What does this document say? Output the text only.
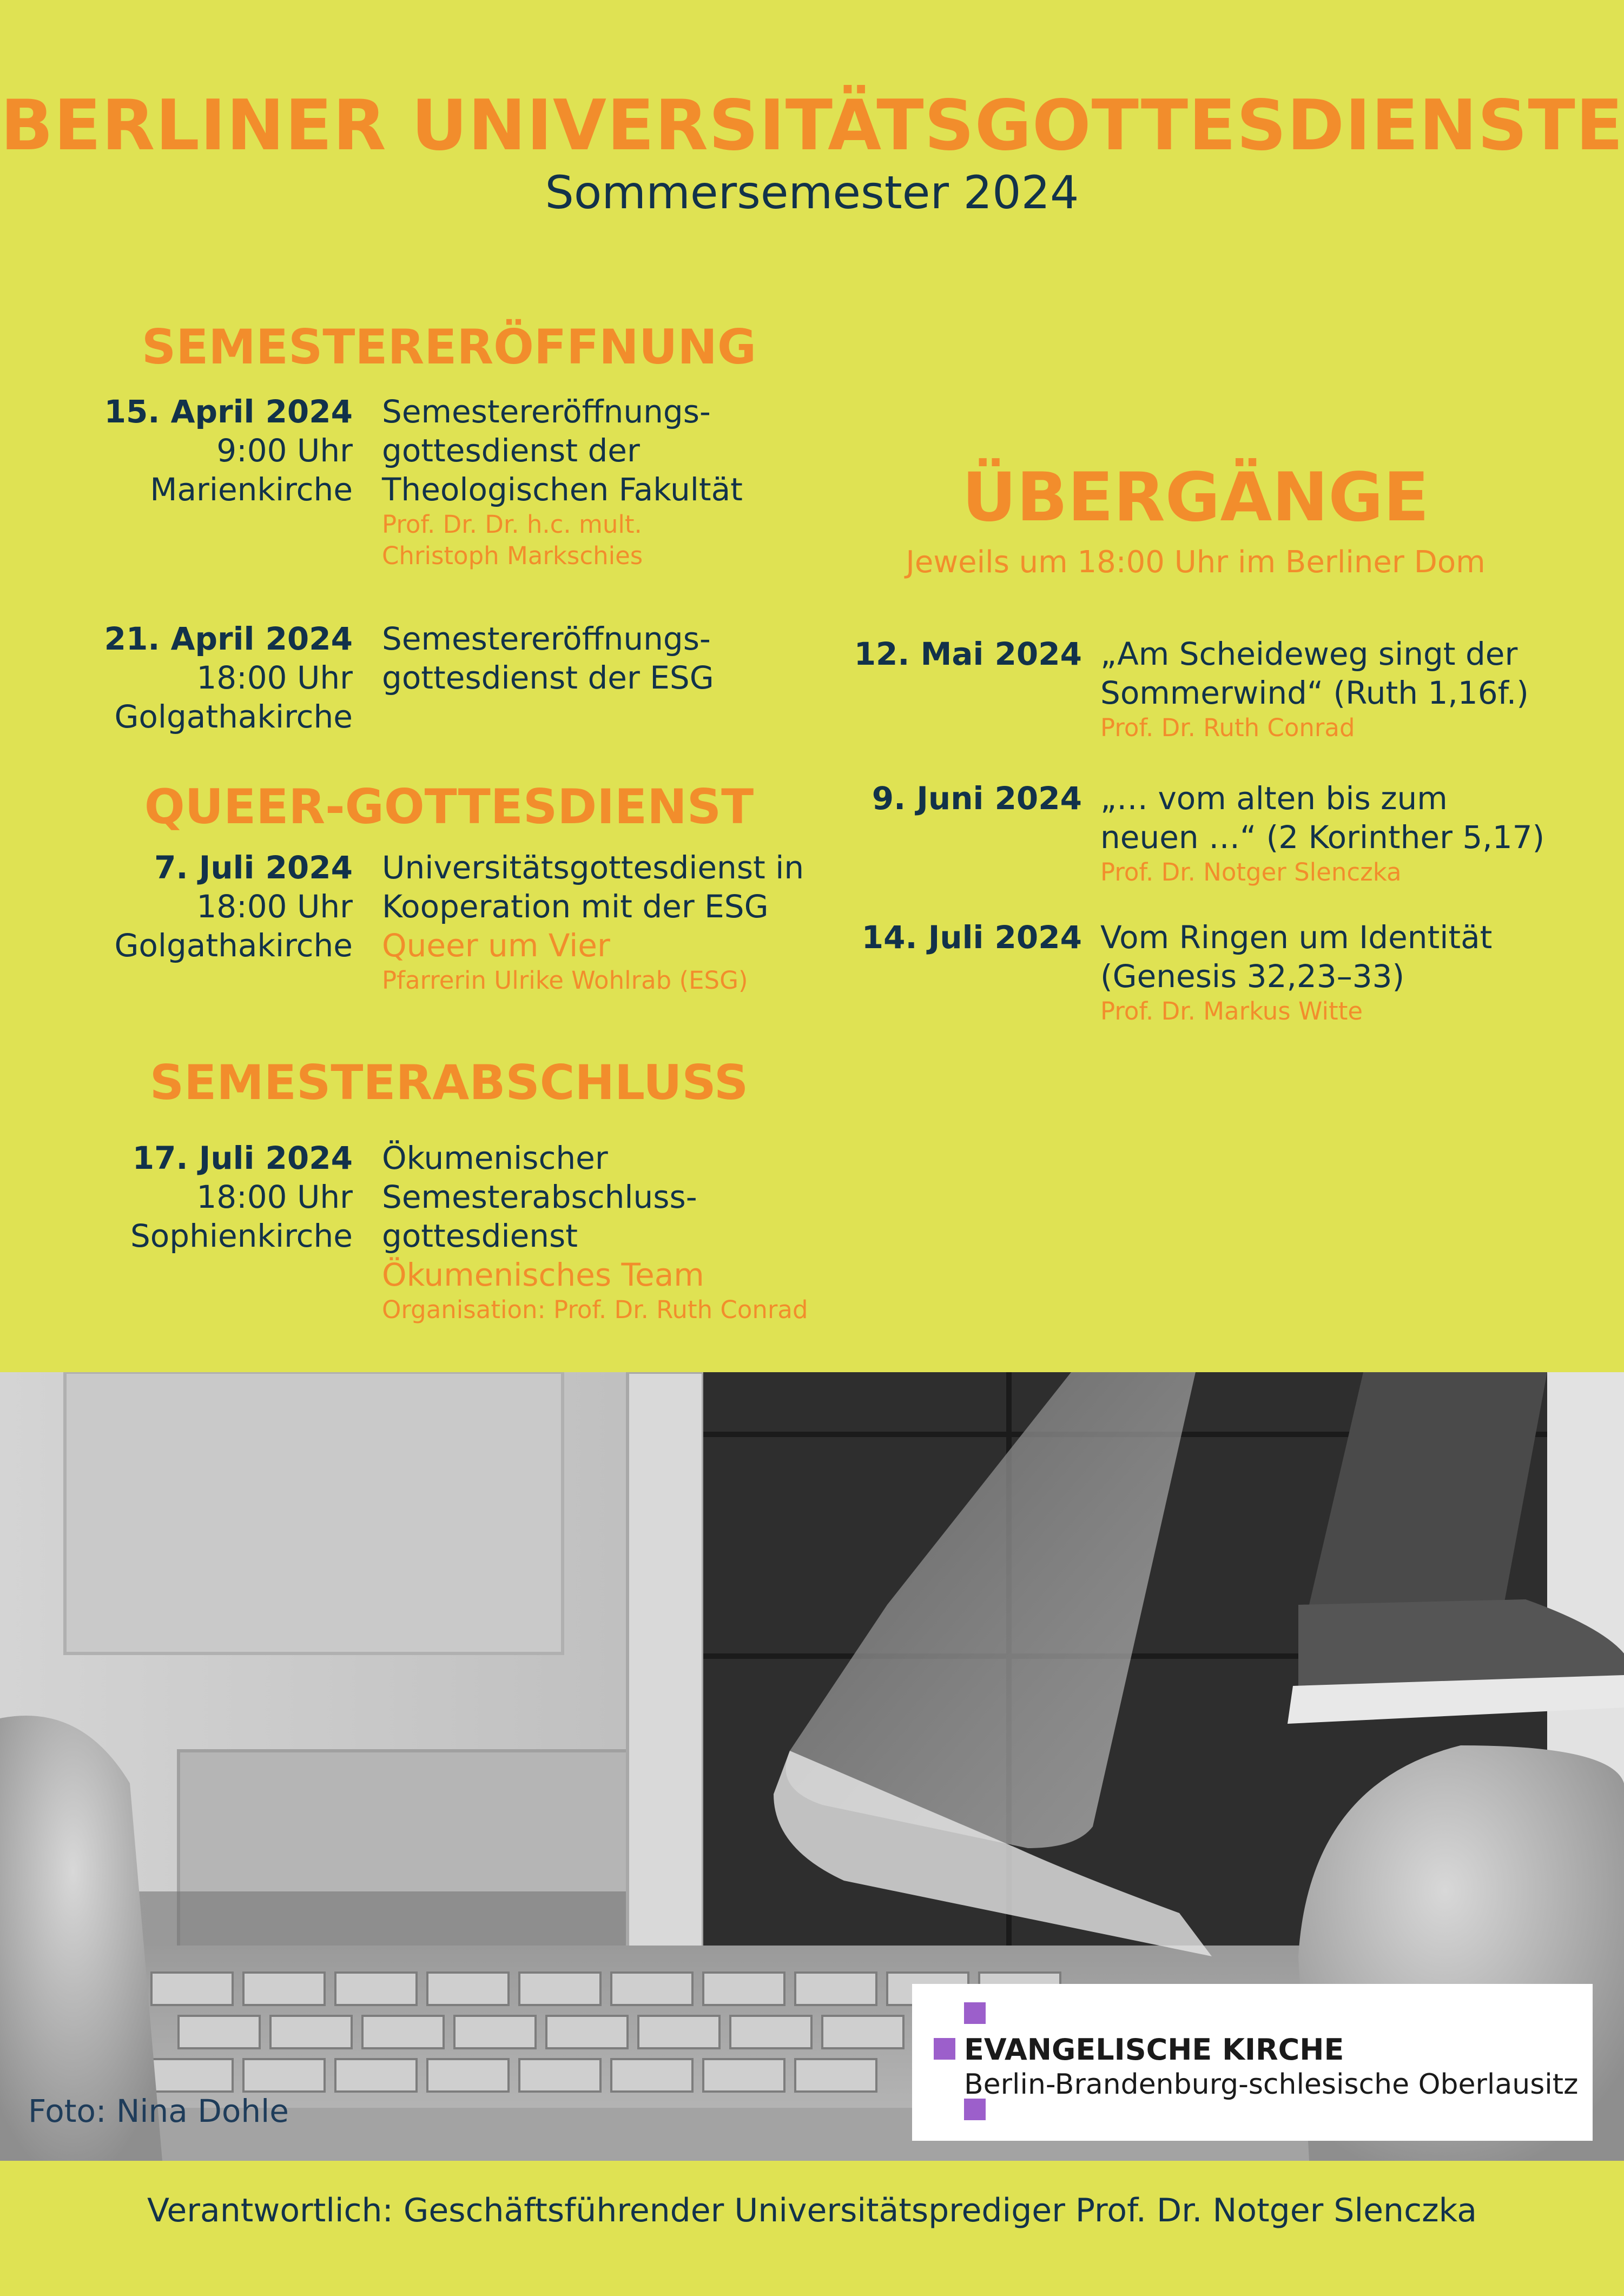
BERLINER UNIVERSITÄTSGOTTESDIENSTE
Sommersemester 2024
SEMESTERERÖFFNUNG
15. April 2024
9:00 Uhr
Marienkirche
Semestereröffnungs-
gottesdienst der
Theologischen Fakultät
Prof. Dr. Dr. h.c. mult.
Christoph Markschies
21. April 2024
18:00 Uhr
Golgathakirche
Semestereröffnungs-
gottesdienst der ESG
QUEER-GOTTESDIENST
7. Juli 2024
18:00 Uhr
Golgathakirche
Universitätsgottesdienst in
Kooperation mit der ESG
Queer um Vier
Pfarrerin Ulrike Wohlrab (ESG)
SEMESTERABSCHLUSS
17. Juli 2024
18:00 Uhr
Sophienkirche
Ökumenischer
Semesterabschluss-
gottesdienst
Ökumenisches Team
Organisation: Prof. Dr. Ruth Conrad
ÜBERGÄNGE
Jeweils um 18:00 Uhr im Berliner Dom
12. Mai 2024 „Am Scheideweg singt der
Sommerwind“ (Ruth 1,16f.)
Prof. Dr. Ruth Conrad
9. Juni 2024 „… vom alten bis zum
neuen …“ (2 Korinther 5,17)
Prof. Dr. Notger Slenczka
14. Juli 2024 Vom Ringen um Identität
(Genesis 32,23–33)
Prof. Dr. Markus Witte
Foto: Nina Dohle
EVANGELISCHE KIRCHE
Berlin-Brandenburg-schlesische Oberlausitz
Verantwortlich: Geschäftsführender Universitätsprediger Prof. Dr. Notger Slenczka
